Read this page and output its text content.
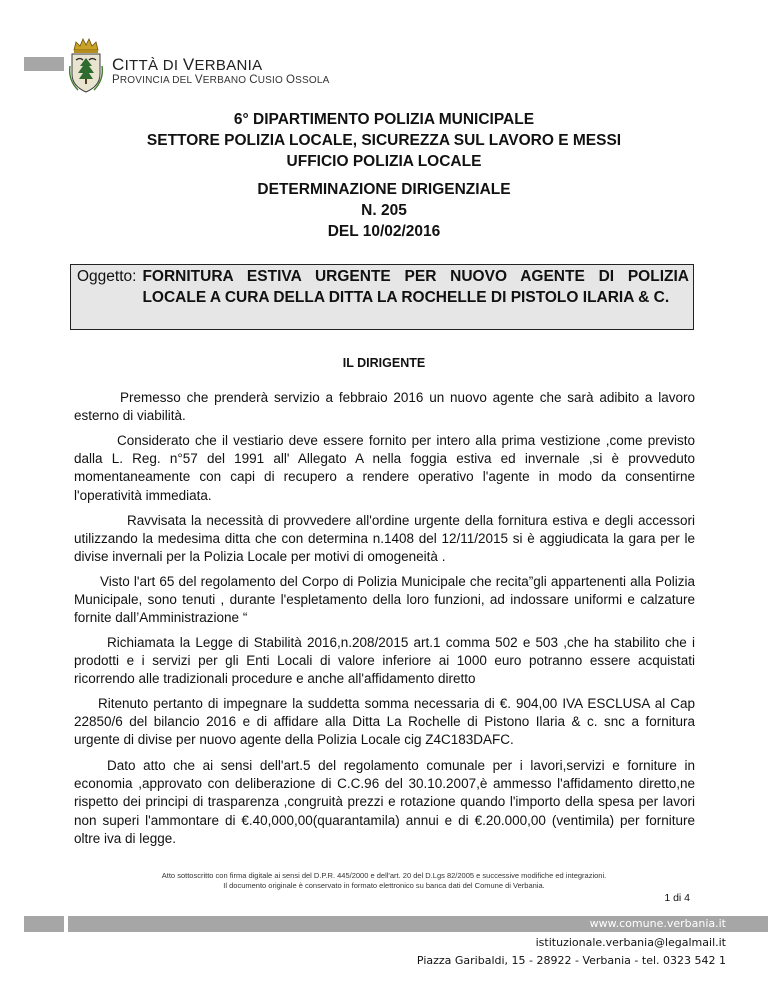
CITTÀ DI VERBANIA
PROVINCIA DEL VERBANO CUSIO OSSOLA
6° DIPARTIMENTO POLIZIA MUNICIPALE
SETTORE POLIZIA LOCALE, SICUREZZA SUL LAVORO E MESSI
UFFICIO POLIZIA LOCALE
DETERMINAZIONE DIRIGENZIALE
N. 205
DEL 10/02/2016
Oggetto: FORNITURA ESTIVA URGENTE PER NUOVO AGENTE DI POLIZIA LOCALE A CURA DELLA DITTA LA ROCHELLE DI PISTOLO ILARIA & C.
IL DIRIGENTE
Premesso che prenderà servizio a febbraio 2016 un nuovo agente che sarà adibito a lavoro esterno di viabilità.
Considerato che il vestiario deve essere fornito per intero alla prima vestizione ,come previsto dalla L. Reg. n°57 del 1991 all' Allegato A nella foggia estiva ed invernale ,si è provveduto momentaneamente con capi di recupero a rendere operativo l'agente in modo da consentirne l'operatività immediata.
Ravvisata la necessità di provvedere all'ordine urgente della fornitura estiva e degli accessori utilizzando la medesima ditta che con determina n.1408 del 12/11/2015 si è aggiudicata la gara per le divise invernali per la Polizia Locale per motivi di omogeneità .
Visto l'art 65 del regolamento del Corpo di Polizia Municipale che recita”gli appartenenti alla Polizia Municipale, sono tenuti , durante l'espletamento della loro funzioni, ad indossare uniformi e calzature fornite dall’Amministrazione “
Richiamata la Legge di Stabilità 2016,n.208/2015 art.1 comma 502 e 503 ,che ha stabilito che i prodotti e i servizi per gli Enti Locali di valore inferiore ai 1000 euro potranno essere acquistati ricorrendo alle tradizionali procedure e anche all'affidamento diretto
Ritenuto pertanto di impegnare la suddetta somma necessaria di €. 904,00 IVA ESCLUSA al Cap 22850/6 del bilancio 2016 e di affidare alla Ditta La Rochelle di Pistono Ilaria & c. snc a fornitura urgente di divise per nuovo agente della Polizia Locale cig Z4C183DAFC.
Dato atto che ai sensi dell'art.5 del regolamento comunale per i lavori,servizi e forniture in economia ,approvato con deliberazione di C.C.96 del 30.10.2007,è ammesso l'affidamento diretto,ne rispetto dei principi di trasparenza ,congruità prezzi e rotazione quando l'importo della spesa per lavori non superi l'ammontare di €.40,000,00(quarantamila) annui e di €.20.000,00 (ventimila) per forniture oltre iva di legge.
Atto sottoscritto con firma digitale ai sensi del D.P.R. 445/2000 e dell'art. 20 del D.Lgs 82/2005 e successive modifiche ed integrazioni.
Il documento originale è conservato in formato elettronico su banca dati del Comune di Verbania.
1 di 4
www.comune.verbania.it
istituzionale.verbania@legalmail.it
Piazza Garibaldi, 15 - 28922 - Verbania - tel. 0323 542 1
